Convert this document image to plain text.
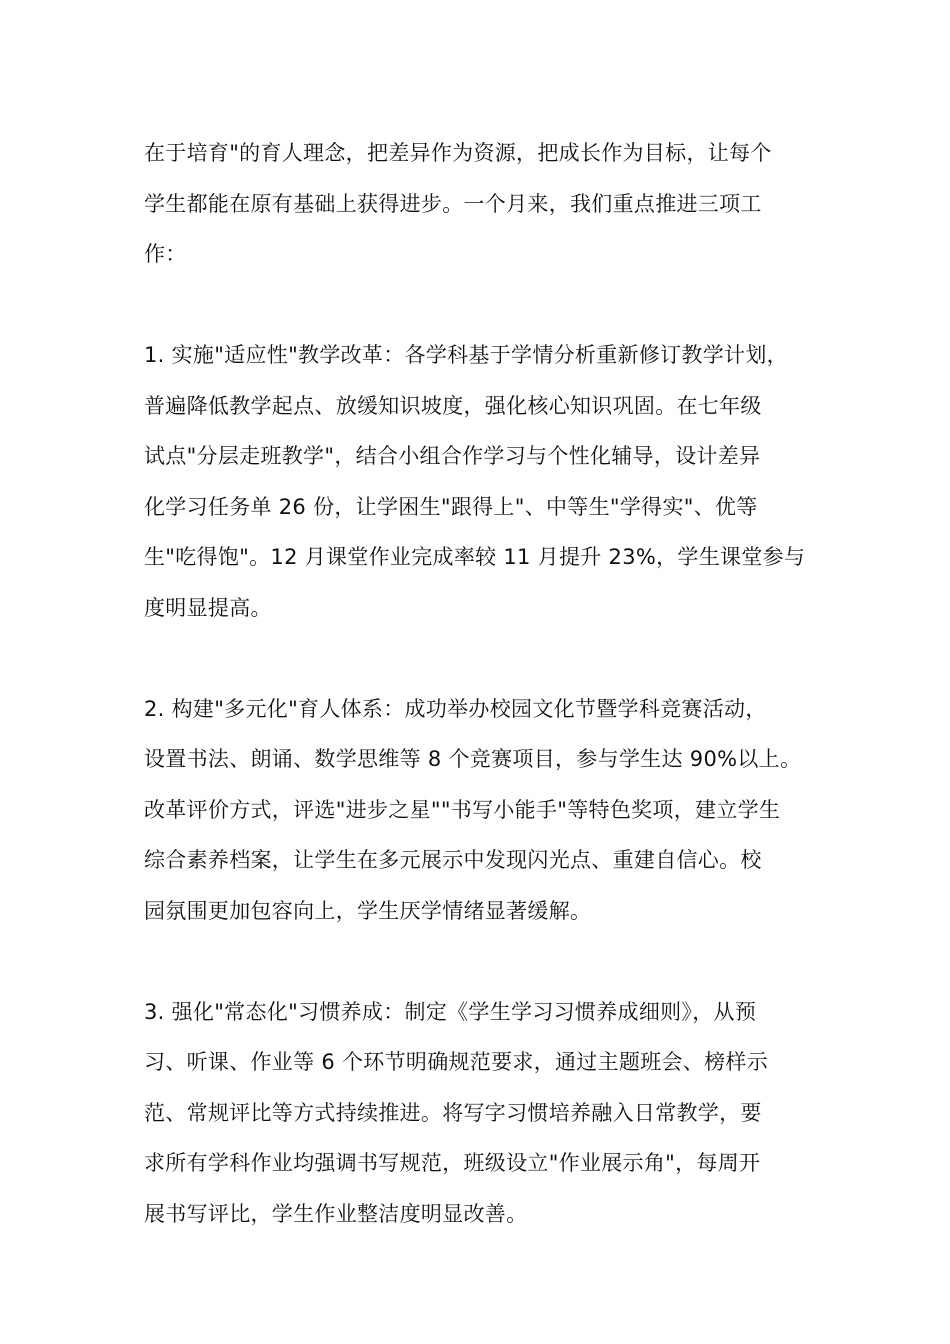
在于培育"的育人理念，把差异作为资源，把成长作为目标，让每个
学生都能在原有基础上获得进步。一个月来，我们重点推进三项工
作：

1. 实施"适应性"教学改革：各学科基于学情分析重新修订教学计划，
普遍降低教学起点、放缓知识坡度，强化核心知识巩固。在七年级
试点"分层走班教学"，结合小组合作学习与个性化辅导，设计差异
化学习任务单 26 份，让学困生"跟得上"、中等生"学得实"、优等
生"吃得饱"。12 月课堂作业完成率较 11 月提升 23%，学生课堂参与
度明显提高。

2. 构建"多元化"育人体系：成功举办校园文化节暨学科竞赛活动，
设置书法、朗诵、数学思维等 8 个竞赛项目，参与学生达 90%以上。
改革评价方式，评选"进步之星""书写小能手"等特色奖项，建立学生
综合素养档案，让学生在多元展示中发现闪光点、重建自信心。校
园氛围更加包容向上，学生厌学情绪显著缓解。

3. 强化"常态化"习惯养成：制定《学生学习习惯养成细则》，从预
习、听课、作业等 6 个环节明确规范要求，通过主题班会、榜样示
范、常规评比等方式持续推进。将写字习惯培养融入日常教学，要
求所有学科作业均强调书写规范，班级设立"作业展示角"，每周开
展书写评比，学生作业整洁度明显改善。
